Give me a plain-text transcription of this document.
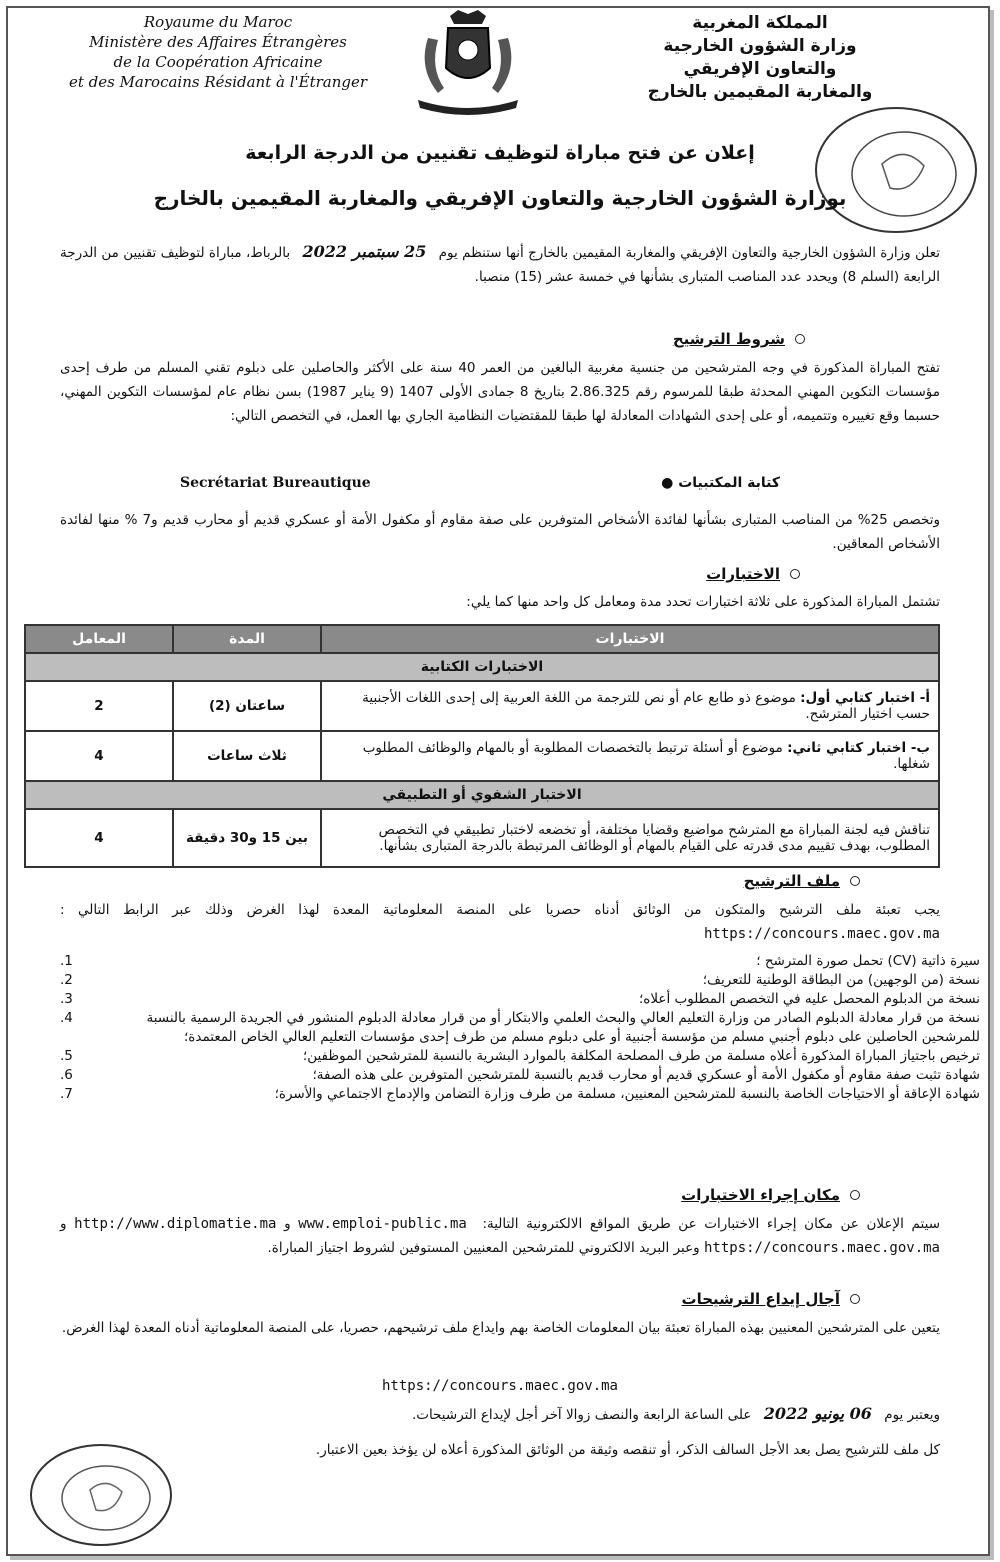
Royaume du Maroc
Ministère des Affaires Étrangères
de la Coopération Africaine
et des Marocains Résidant à l'Étranger
المملكة المغربية
وزارة الشؤون الخارجية
والتعاون الإفريقي
والمغاربة المقيمين بالخارج
إعلان عن فتح مباراة لتوظيف تقنيين من الدرجة الرابعة
بوزارة الشؤون الخارجية والتعاون الإفريقي والمغاربة المقيمين بالخارج
تعلن وزارة الشؤون الخارجية والتعاون الإفريقي والمغاربة المقيمين بالخارج أنها ستنظم يوم 25 سبتمبر 2022 بالرباط، مباراة لتوظيف تقنيين من الدرجة الرابعة (السلم 8) ويحدد عدد المناصب المتبارى بشأنها في خمسة عشر (15) منصبا.
شروط الترشيح
تفتح المباراة المذكورة في وجه المترشحين من جنسية مغربية البالغين من العمر 40 سنة على الأكثر والحاصلين على دبلوم تقني المسلم من طرف إحدى مؤسسات التكوين المهني المحدثة طبقا للمرسوم رقم 2.86.325 بتاريخ 8 جمادى الأولى 1407 (9 يناير 1987) بسن نظام عام لمؤسسات التكوين المهني، حسبما وقع تغييره وتتميمه، أو على إحدى الشهادات المعادلة لها طبقا للمقتضيات النظامية الجاري بها العمل، في التخصص التالي:
Secrétariat Bureautique	كتابة المكتبيات ●
وتخصص 25% من المناصب المتبارى بشأنها لفائدة الأشخاص المتوفرين على صفة مقاوم أو مكفول الأمة أو عسكري قديم أو محارب قديم و7 % منها لفائدة الأشخاص المعاقين.
الاختبارات
تشتمل المباراة المذكورة على ثلاثة اختبارات تحدد مدة ومعامل كل واحد منها كما يلي:
الاختبارات	المدة	المعامل
الاختبارات الكتابية		
أ- اختبار كتابي أول: موضوع ذو طابع عام أو نص للترجمة من اللغة العربية إلى إحدى اللغات الأجنبية حسب اختيار المترشح.	ساعتان (2)	2
ب- اختبار كتابي ثاني: موضوع أو أسئلة ترتبط بالتخصصات المطلوبة أو بالمهام والوظائف المطلوب شغلها.	ثلاث ساعات	4
الاختبار الشفوي أو التطبيقي		
تناقش فيه لجنة المباراة مع المترشح مواضيع وقضايا مختلفة، أو تخضعه لاختبار تطبيقي في التخصص المطلوب، بهدف تقييم مدى قدرته على القيام بالمهام أو الوظائف المرتبطة بالدرجة المتبارى بشأنها.	بين 15 و30 دقيقة	4
ملف الترشيح
يجب تعبئة ملف الترشيح والمتكون من الوثائق أدناه حصريا على المنصة المعلوماتية المعدة لهذا الغرض وذلك عبر الرابط التالي : https://concours.maec.gov.ma
سيرة ذاتية (CV) تحمل صورة المترشح ؛
.1
نسخة (من الوجهين) من البطاقة الوطنية للتعريف؛
.2
نسخة من الدبلوم المحصل عليه في التخصص المطلوب أعلاه؛
.3
نسخة من قرار معادلة الدبلوم الصادر من وزارة التعليم العالي والبحث العلمي والابتكار أو من قرار معادلة الدبلوم المنشور في الجريدة الرسمية بالنسبة للمرشحين الحاصلين على دبلوم أجنبي مسلم من مؤسسة أجنبية أو على دبلوم مسلم من طرف إحدى مؤسسات التعليم العالي الخاص المعتمدة؛
.4
ترخيص باجتياز المباراة المذكورة أعلاه مسلمة من طرف المصلحة المكلفة بالموارد البشرية بالنسبة للمترشحين الموظفين؛
.5
شهادة تثبت صفة مقاوم أو مكفول الأمة أو عسكري قديم أو محارب قديم بالنسبة للمترشحين المتوفرين على هذه الصفة؛
.6
شهادة الإعاقة أو الاحتياجات الخاصة بالنسبة للمترشحين المعنيين، مسلمة من طرف وزارة التضامن والإدماج الاجتماعي والأسرة؛
.7
مكان إجراء الاختبارات
سيتم الإعلان عن مكان إجراء الاختبارات عن طريق المواقع الالكترونية التالية: www.emploi-public.ma و http://www.diplomatie.ma و https://concours.maec.gov.ma وعبر البريد الالكتروني للمترشحين المعنيين المستوفين لشروط اجتياز المباراة.
آجال إيداع الترشيحات
يتعين على المترشحين المعنيين بهذه المباراة تعبئة بيان المعلومات الخاصة بهم وايداع ملف ترشيحهم، حصريا، على المنصة المعلوماتية أدناه المعدة لهذا الغرض.
https://concours.maec.gov.ma
ويعتبر يوم 06 يونيو 2022 على الساعة الرابعة والنصف زوالا آخر أجل لإيداع الترشيحات.
كل ملف للترشيح يصل بعد الأجل السالف الذكر، أو تنقصه وثيقة من الوثائق المذكورة أعلاه لن يؤخذ بعين الاعتبار.
